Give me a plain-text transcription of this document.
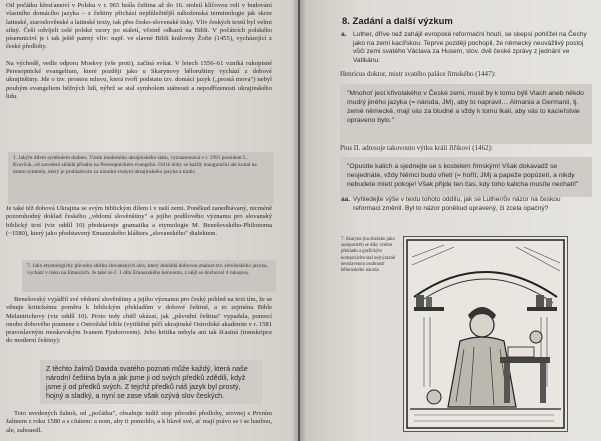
Od počátku křesťanství v Polsku v r. 965 hrála čeština až do 16. století klíčovou roli v budování vlastního domácího jazyka – z češtiny přichází nejdůležitější náboženská terminologie jak skrze latinské, staroslověnské a latinské texty, tak přes česko-slovenské tisky. Vliv českých textů byl velmi silný. Češi odvíjeli celé polské vzory po staletí, včetně odkazů na Bibli. V počátcích polského písemnictví je i tak ještě patrný vliv: např. ve slavné Bibli královny Žofie (1455), vycházející z české předlohy.

Na východě, vedle odporu Moskvy (vše proti), začíná svítat. V letech 1556–61 vzniká rukopisné Peresopnické evangelium, které později jako u Skarynovy běloruštiny vychází z dobové ukrajinštiny. Jde o tzv. prostou mluvu, která tvoří podstatu tzv. domácí jazyk („prostá mova") nebyl pouhým evangeliem běžných lidí, nýbrž se stal symbolem státnosti a nepodřízenosti ukrajinského lidu.

1. Jakým dílem symbolem dodnes. Vznik moderního ukrajinského státu, vyznamenává v r. 1991 prezident L. Kravčuk, od zavedení skládá přísahu na Peresopnickém evangeliu. Od té doby se každý inaugurační akt konal na tomto symbolu, který je prohlašován za národní svatyni ukrajinského jazyka a tradic.

Je také též dobová Ukrajina se svým biblickým dílem i v naší zemi. Poněkud zanedbávaný, nicméně pozoruhodný doklad českého „vědomí slověnštiny" a jejího podílového významu pro slovanský biblický text (viz oddíl 10) představuje gramatika a etymologie M. Benešovského-Philonoma (~1580), který jako představený Emauzského kláštera „slovanského" dialektem.

7. Jako etymologicky původní sbírku slovanských slov, který dokládá dobovou znalost tzv. slověnského jazyka, vychází v tisku na Emauzích. Je také ze č. 1 dílu Emauzského konventu, z nějž se dochoval 4 rukopisy.

Benešovský vyjádřil své vědomí slověnštiny a jejího významu pro český pohled na text tím, že se věnuje kritickému poměru k biblickým překladům v dobové češtině, a to zejména Bible Melantrichovy (viz oddíl 10). Proto tedy chtěl ukázat, jak „původní čeština" vypadala, pomocí onoho dobového pramene z Ostrožské bible (vytištěné péčí ukrajinské Ostrožské akademie v r. 1581 pravoslavným moskevským Ivanem Fjodorovem). Jeho kritika nebyla ani tak šťastná (transkripce do moderní češtiny):

Z těchto žalmů Davida svatého poznati může každý, která naše národní čeština byla a jak jsme ji od svých předků zdědili, když jsme ji od předků svých. Z tejchž předků náš jazyk byl prostý, hojný a sladký, a nyní se zase však ozývá slov českých.

Toto uvedených žalmů, od „počátku", obsahuje tudíž stop původní předlohy, srovnej s Prvním žalmem z roku 1580 a s citátem: a nom, aby ti pomohlo, a k hlavě své, ať mají právo se i se hanbou, ale, zahoaedl.

8. Zadání a další výzkum
a. Luther, dříve než zahájil evropské reformační hnutí, se skepsí pohlížel na Čechy jako na zemi kacířskou. Teprve později pochopil, že německý neuvážlivý postoj vůči zemi svatého Václava za Husem, stov. dvě české zprávy z jednání ve Vatikánu:
Henricus doktor, mistr svatého paláce římského (1447):
"Mnohoť jest křivolakého v České zemi, musil by k tomu býti Vlach aneb někdo mudrý jiného jazyka (= národa, JM), aby to napravil… Almania a Germanii, tj. země německé, mají vás za bludné a vždy k tomu lkali, aby vás to kacieřstvie opraveno bylo."
Pius II. adresuje takovouto výtku králi Jiřikovi (1462):
"Opustte kalich a sjednejte se s kostelem římským! Však dokavadž se nesjednáte, vždy Němci budú vřietí (= hořít, JM) a papeže popúzetí, a nikdy nebudete míetí pokoje! Však přijde ten čas, kdy toho kalicha musíte nechati!"
aa. Vyhledejte výše v textu tohoto oddílu, jak se Luther/ův názor na českou reformaci změnil. Byl to názor poněkud upravený, či zcela opačný?
7. Skaryna (na obrázku jako autoportrét) se díky svému překladu a grafickým kompozicím stal nejvýrazně neoslavenou osobností běloruského národa
